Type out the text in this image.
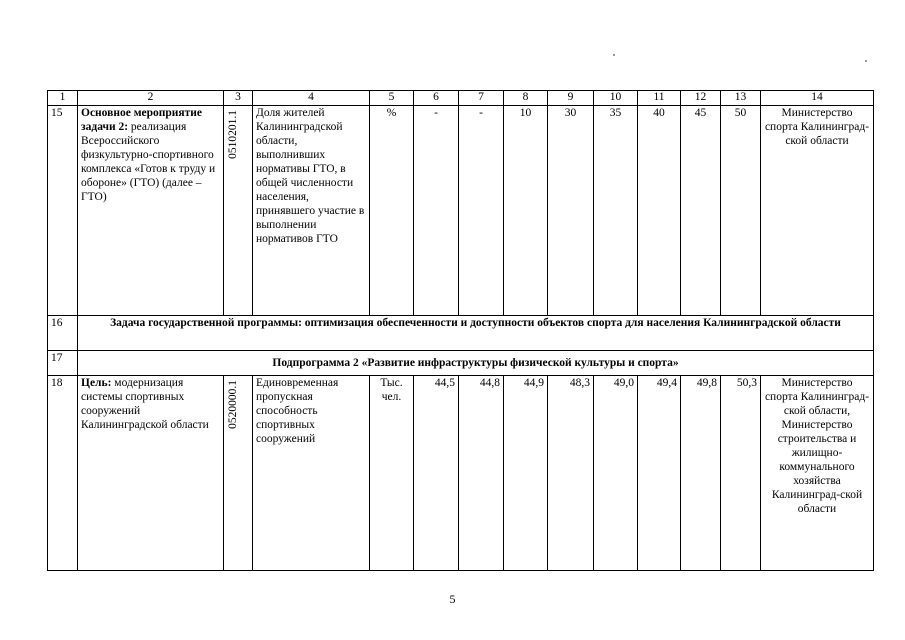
1	2	3	4	5	6	7	8	9	10	11	12	13	14
15	Основное мероприятие задачи 2: реализация Всероссийского физкультурно-спортивного комплекса «Готов к труду и обороне» (ГТО) (далее – ГТО)	0510201.1	Доля жителей Калининградской области, выполнивших нормативы ГТО, в общей численности населения, принявшего участие в выполнении нормативов ГТО	%	-	-	10	30	35	40	45	50	Министерство спорта Калининград-ской области
16	Задача государственной программы: оптимизация обеспеченности и доступности объектов спорта для населения Калининградской области												
17	Подпрограмма 2 «Развитие инфраструктуры физической культуры и спорта»												
18	Цель: модернизация системы спортивных сооружений Калининградской области	0520000.1	Единовременная пропускная способность спортивных сооружений	Тыс. чел.	44,5	44,8	44,9	48,3	49,0	49,4	49,8	50,3	Министерство спорта Калининград-ской области, Министерство строительства и жилищно-коммунального хозяйства Калининград-ской области
5
